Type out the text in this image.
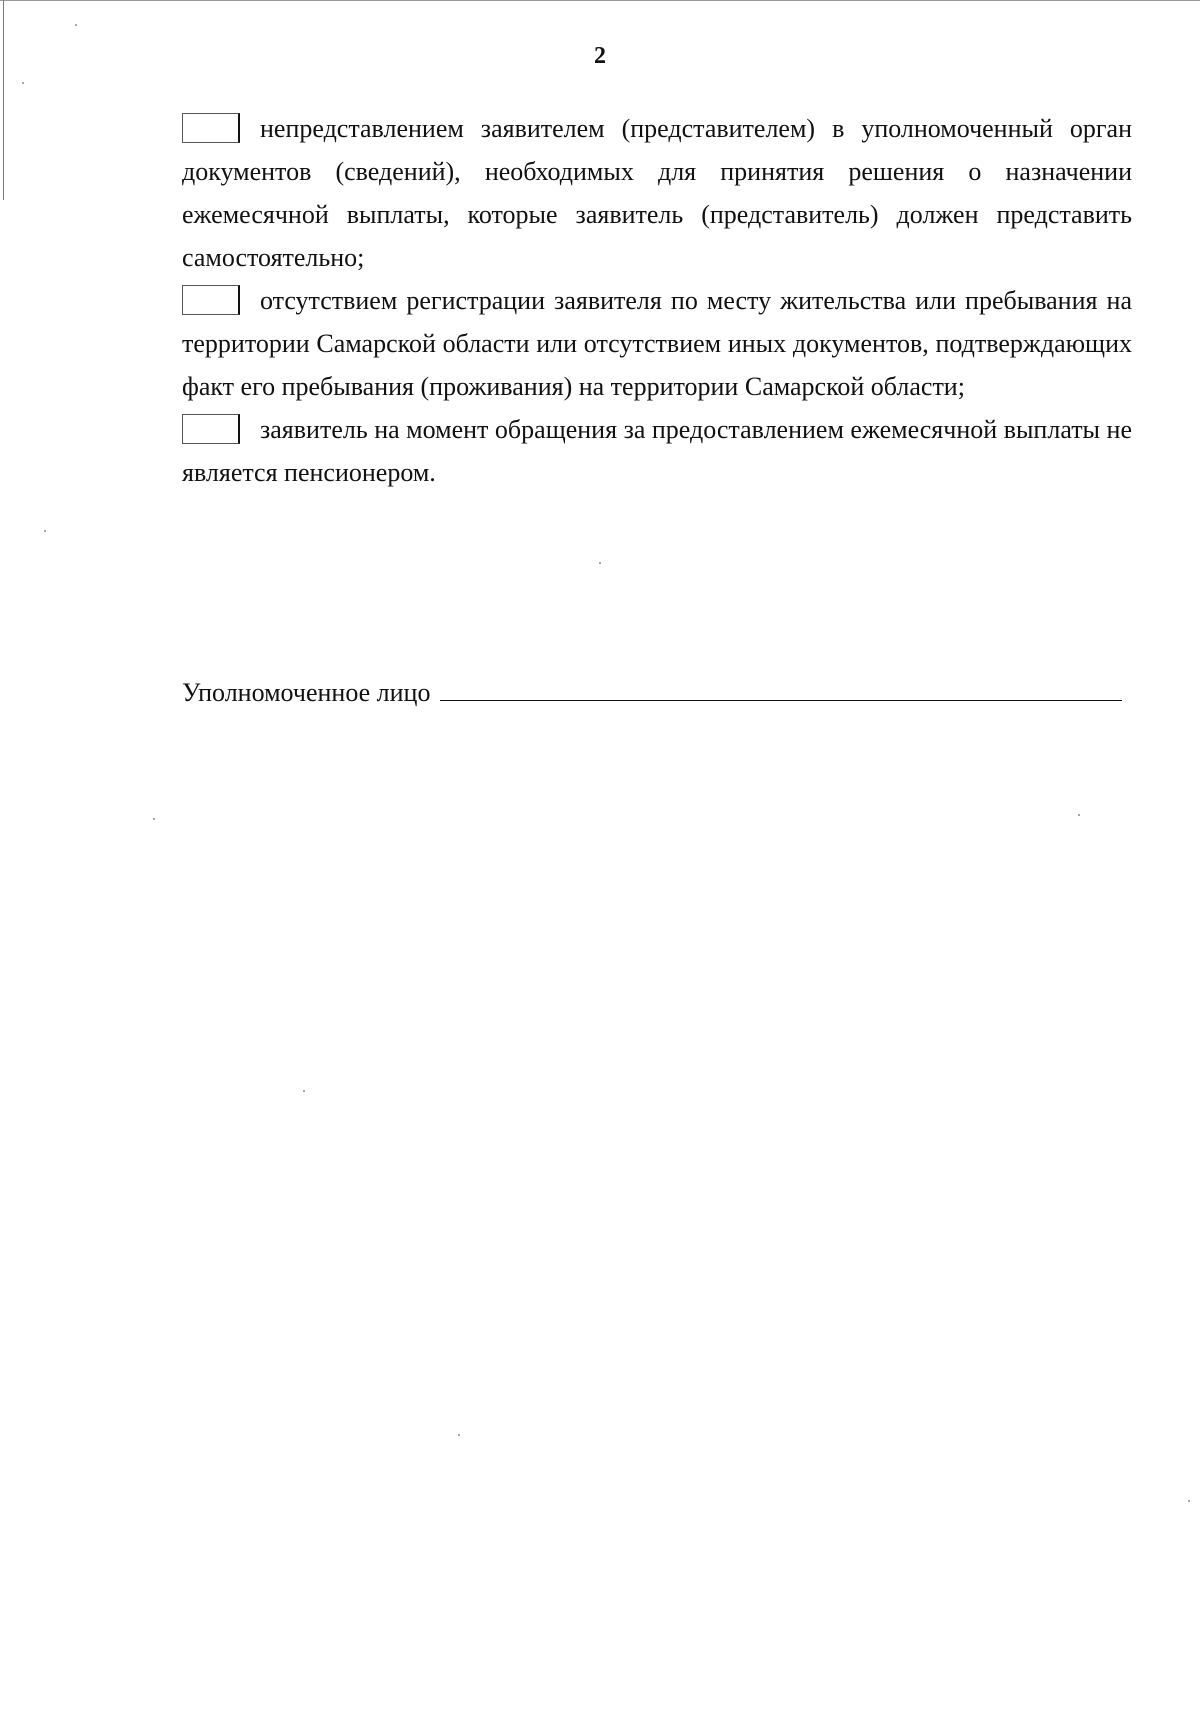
2
непредставлением заявителем (представителем) в уполномоченный орган документов (сведений), необходимых для принятия решения о назначении ежемесячной выплаты, которые заявитель (представитель) должен представить самостоятельно;
отсутствием регистрации заявителя по месту жительства или пребывания на территории Самарской области или отсутствием иных документов, подтверждающих факт его пребывания (проживания) на территории Самарской области;
заявитель на момент обращения за предоставлением ежемесячной выплаты не является пенсионером.
Уполномоченное лицо
